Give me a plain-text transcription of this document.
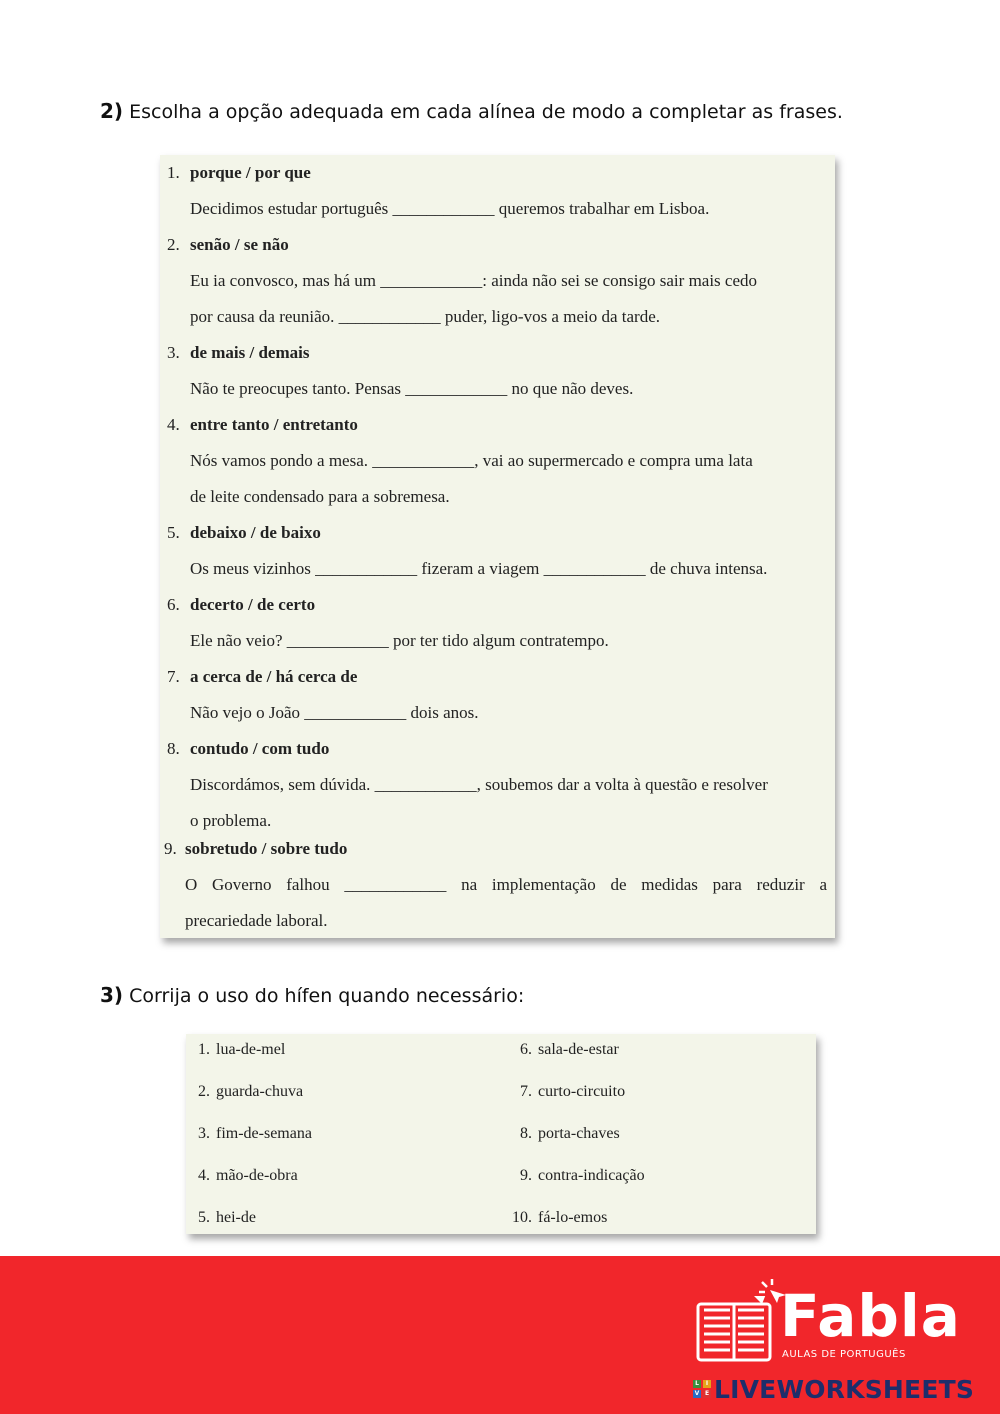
2) Escolha a opção adequada em cada alínea de modo a completar as frases.
1. porque / por que
Decidimos estudar português ____________ queremos trabalhar em Lisboa.
2. senão / se não
Eu ia convosco, mas há um ____________: ainda não sei se consigo sair mais cedo
por causa da reunião. ____________ puder, ligo-vos a meio da tarde.
3. de mais / demais
Não te preocupes tanto. Pensas ____________ no que não deves.
4. entre tanto / entretanto
Nós vamos pondo a mesa. ____________, vai ao supermercado e compra uma lata
de leite condensado para a sobremesa.
5. debaixo / de baixo
Os meus vizinhos ____________ fizeram a viagem ____________ de chuva intensa.
6. decerto / de certo
Ele não veio? ____________ por ter tido algum contratempo.
7. a cerca de / há cerca de
Não vejo o João ____________ dois anos.
8. contudo / com tudo
Discordámos, sem dúvida. ____________, soubemos dar a volta à questão e resolver
o problema.
9. sobretudo / sobre tudo
O Governo falhou ____________ na implementação de medidas para reduzir a
precariedade laboral.
3) Corrija o uso do hífen quando necessário:
1. lua-de-mel
2. guarda-chuva
3. fim-de-semana
4. mão-de-obra
5. hei-de
6. sala-de-estar
7. curto-circuito
8. porta-chaves
9. contra-indicação
10. fá-lo-emos
Fabla
AULAS DE PORTUGUÊS
L	I
V E LIVEWORKSHEETS
